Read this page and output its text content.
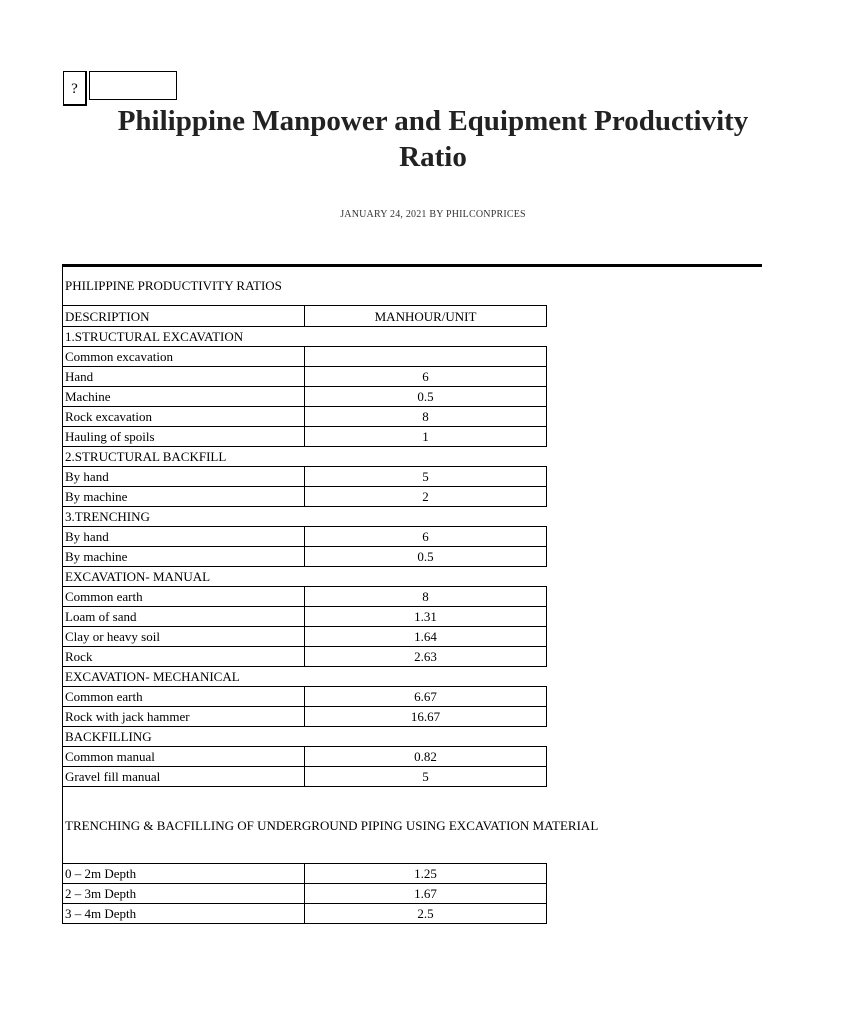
?
Philippine Manpower and Equipment Productivity
Ratio
JANUARY 24, 2021 BY PHILCONPRICES
PHILIPPINE PRODUCTIVITY RATIOS		
DESCRIPTION	MANHOUR/UNIT	
1.STRUCTURAL EXCAVATION		
Common excavation		
Hand	6	
Machine	0.5	
Rock excavation	8	
Hauling of spoils	1	
2.STRUCTURAL BACKFILL		
By hand	5	
By machine	2	
3.TRENCHING		
By hand	6	
By machine	0.5	
EXCAVATION- MANUAL		
Common earth	8	
Loam of sand	1.31	
Clay or heavy soil	1.64	
Rock	2.63	
EXCAVATION- MECHANICAL		
Common earth	6.67	
Rock with jack hammer	16.67	
BACKFILLING		
Common manual	0.82	
Gravel fill manual	5	
TRENCHING & BACFILLING OF UNDERGROUND PIPING USING EXCAVATION MATERIAL		
0 – 2m Depth	1.25	
2 – 3m Depth	1.67	
3 – 4m Depth	2.5	
